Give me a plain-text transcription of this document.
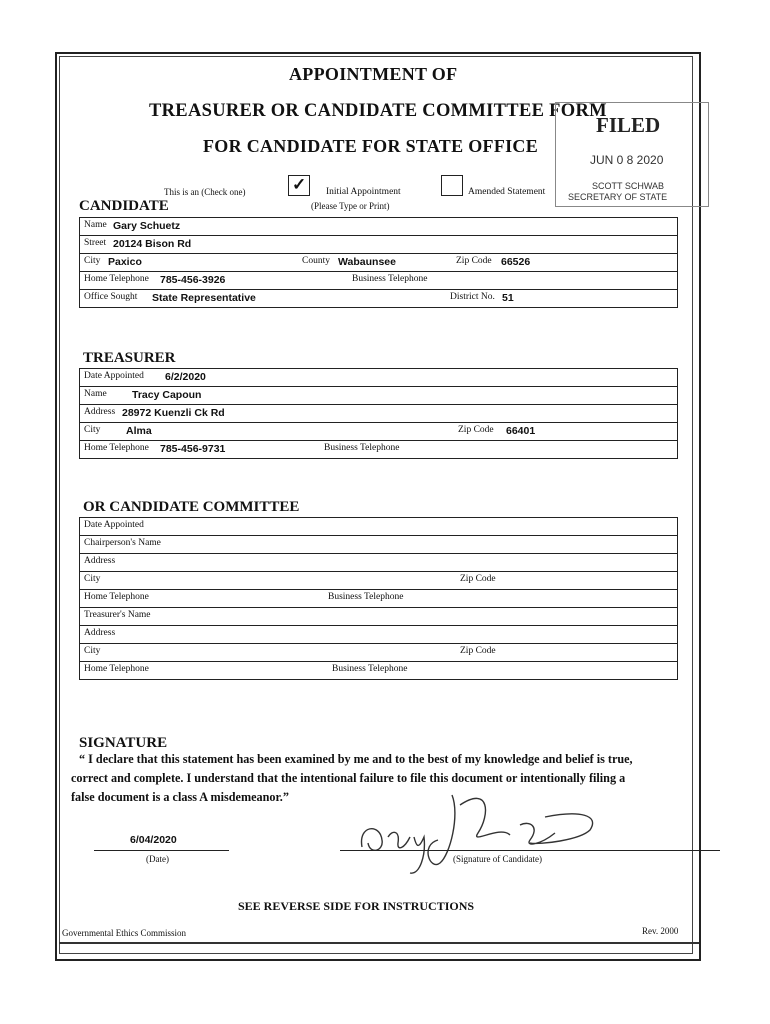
APPOINTMENT OF
TREASURER OR CANDIDATE COMMITTEE FORM
FOR CANDIDATE FOR STATE OFFICE
FILED
JUN 0 8 2020
SCOTT SCHWAB
SECRETARY OF STATE
This is an (Check one)	✓ Initial Appointment	Amended Statement
(Please Type or Print)
CANDIDATE
Name Gary Schuetz
Street 20124 Bison Rd
City Paxico	County Wabaunsee	Zip Code 66526
Home Telephone 785-456-3926	Business Telephone
Office Sought State Representative	District No. 51
TREASURER
Date Appointed 6/2/2020
Name Tracy Capoun
Address 28972 Kuenzli Ck Rd
City Alma	Zip Code 66401
Home Telephone 785-456-9731	Business Telephone
OR CANDIDATE COMMITTEE
Date Appointed
Chairperson's Name
Address
City	Zip Code
Home Telephone	Business Telephone
Treasurer's Name
Address
City	Zip Code
Home Telephone	Business Telephone
SIGNATURE
“ I declare that this statement has been examined by me and to the best of my knowledge and belief is true,
correct and complete. I understand that the intentional failure to file this document or intentionally filing a
false document is a class A misdemeanor.”
6/04/2020
(Date)	(Signature of Candidate)
SEE REVERSE SIDE FOR INSTRUCTIONS
Governmental Ethics Commission	Rev. 2000
